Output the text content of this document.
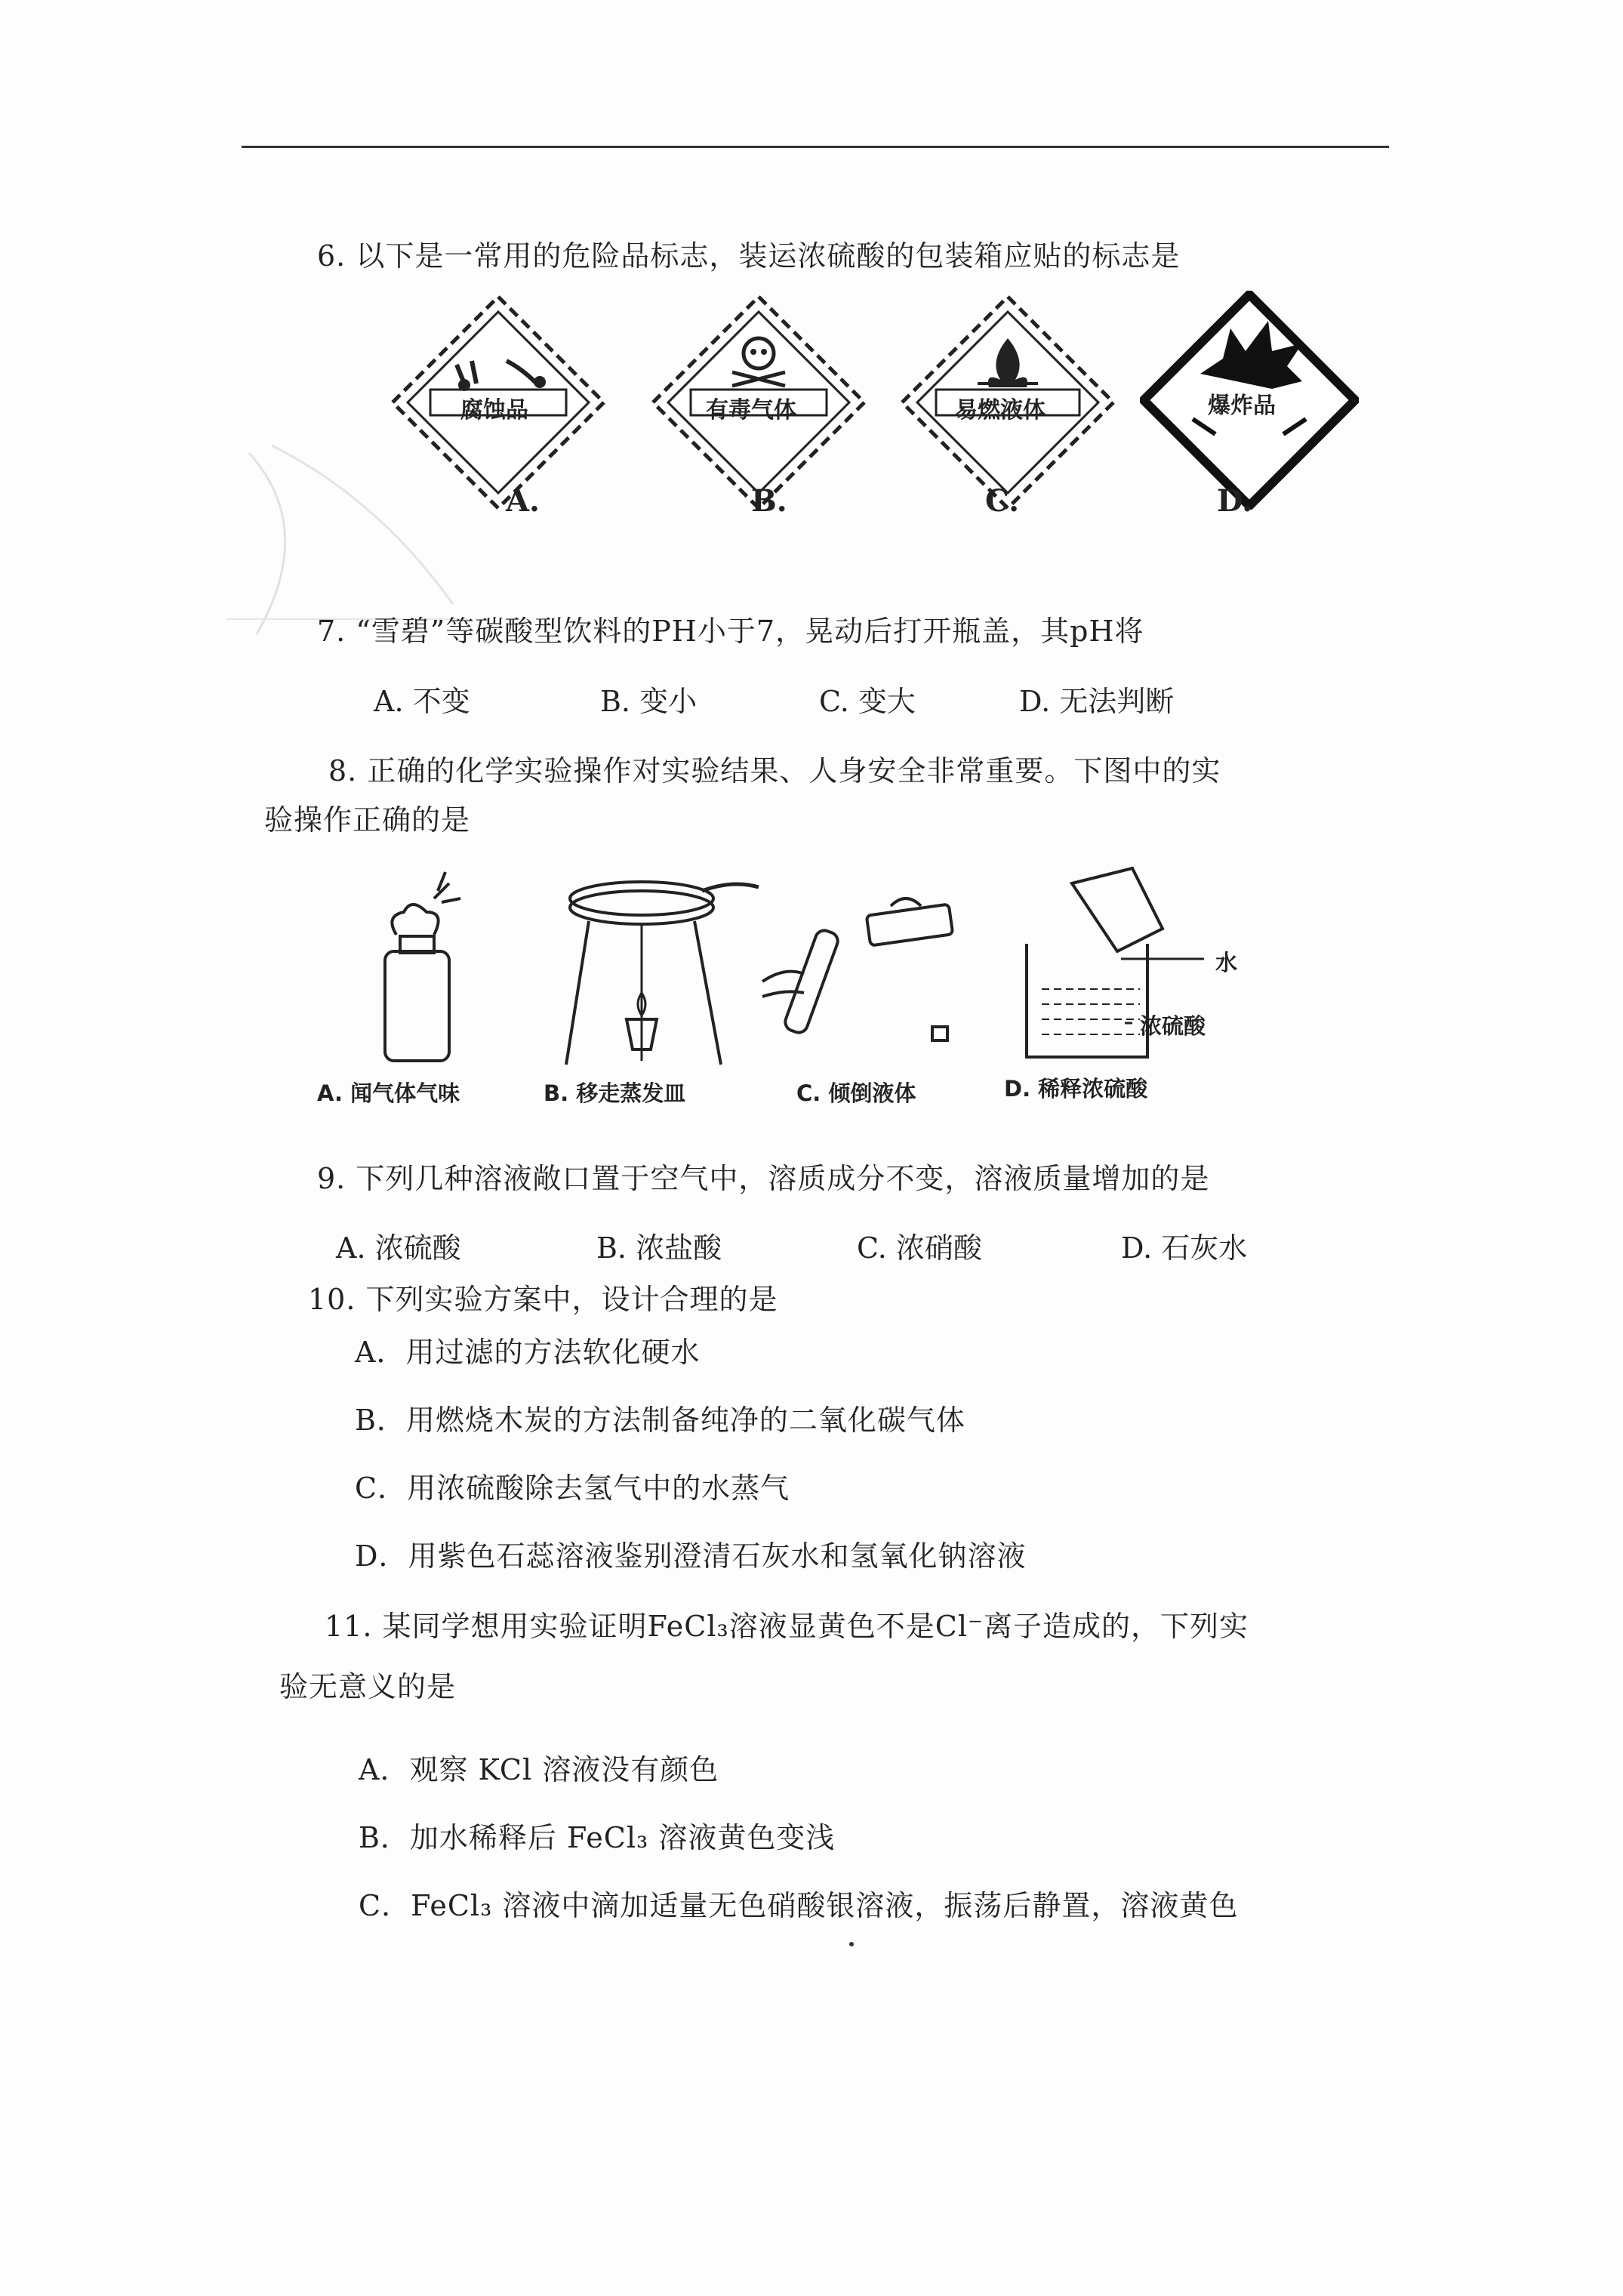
6. 以下是一常用的危险品标志，装运浓硫酸的包装箱应贴的标志是
腐蚀品
A.
有毒气体
B.
易燃液体
C.
爆炸品
D.
7. “雪碧”等碳酸型饮料的PH小于7，晃动后打开瓶盖，其pH将
A. 不变	B. 变小	C. 变大	D. 无法判断
8. 正确的化学实验操作对实验结果、人身安全非常重要。下图中的实
验操作正确的是
A. 闻气体气味	B. 移走蒸发皿	C. 倾倒液体
水
浓硫酸
D. 稀释浓硫酸
9. 下列几种溶液敞口置于空气中，溶质成分不变，溶液质量增加的是
A. 浓硫酸	B. 浓盐酸	C. 浓硝酸	D. 石灰水
10. 下列实验方案中，设计合理的是
A．用过滤的方法软化硬水
B．用燃烧木炭的方法制备纯净的二氧化碳气体
C．用浓硫酸除去氢气中的水蒸气
D．用紫色石蕊溶液鉴别澄清石灰水和氢氧化钠溶液
11. 某同学想用实验证明FeCl₃溶液显黄色不是Cl⁻离子造成的，下列实
验无意义的是
A．观察 KCl 溶液没有颜色
B．加水稀释后 FeCl₃ 溶液黄色变浅
C．FeCl₃ 溶液中滴加适量无色硝酸银溶液，振荡后静置，溶液黄色
